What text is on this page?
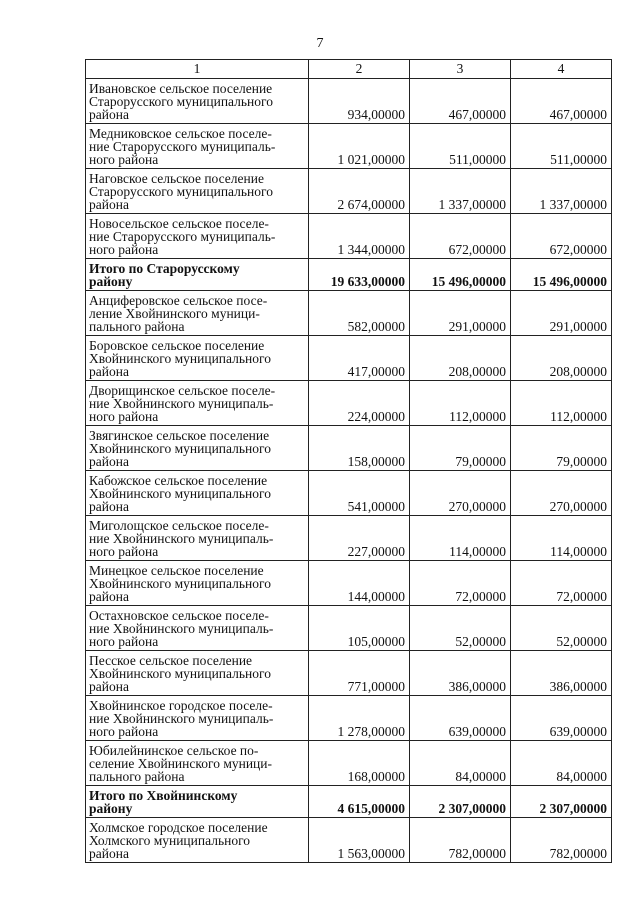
7
1	2	3	4
Ивановское сельское поселение
Старорусского муниципального
района	934,00000	467,00000	467,00000
Медниковское сельское поселе-
ние Старорусского муниципаль-
ного района	1 021,00000	511,00000	511,00000
Наговское сельское поселение
Старорусского муниципального
района	2 674,00000	1 337,00000	1 337,00000
Новосельское сельское поселе-
ние Старорусского муниципаль-
ного района	1 344,00000	672,00000	672,00000
Итого по Старорусскому
району	19 633,00000	15 496,00000	15 496,00000
Анциферовское сельское посе-
ление Хвойнинского муници-
пального района	582,00000	291,00000	291,00000
Боровское сельское поселение
Хвойнинского муниципального
района	417,00000	208,00000	208,00000
Дворищинское сельское поселе-
ние Хвойнинского муниципаль-
ного района	224,00000	112,00000	112,00000
Звягинское сельское поселение
Хвойнинского муниципального
района	158,00000	79,00000	79,00000
Кабожское сельское поселение
Хвойнинского муниципального
района	541,00000	270,00000	270,00000
Миголощское сельское поселе-
ние Хвойнинского муниципаль-
ного района	227,00000	114,00000	114,00000
Минецкое сельское поселение
Хвойнинского муниципального
района	144,00000	72,00000	72,00000
Остахновское сельское поселе-
ние Хвойнинского муниципаль-
ного района	105,00000	52,00000	52,00000
Песское сельское поселение
Хвойнинского муниципального
района	771,00000	386,00000	386,00000
Хвойнинское городское поселе-
ние Хвойнинского муниципаль-
ного района	1 278,00000	639,00000	639,00000
Юбилейнинское сельское по-
селение Хвойнинского муници-
пального района	168,00000	84,00000	84,00000
Итого по Хвойнинскому
району	4 615,00000	2 307,00000	2 307,00000
Холмское городское поселение
Холмского муниципального
района	1 563,00000	782,00000	782,00000
